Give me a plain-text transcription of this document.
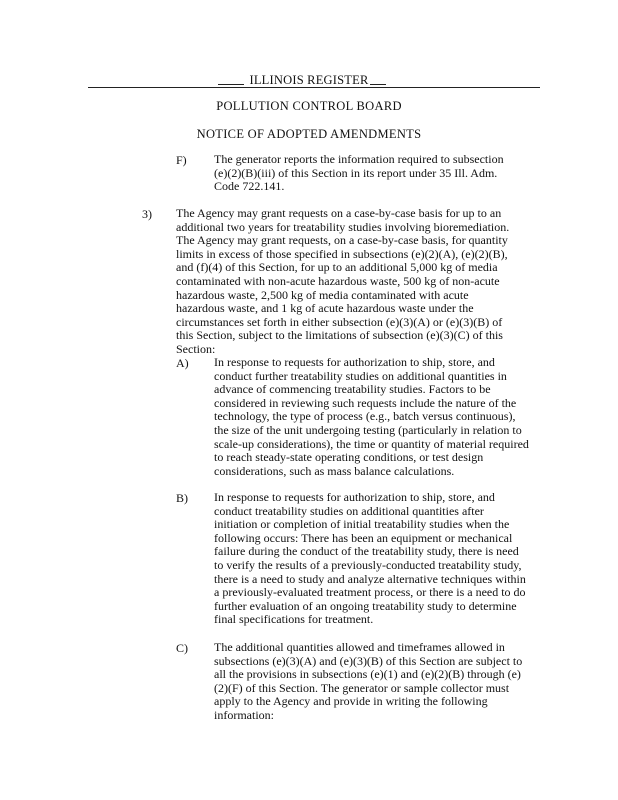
ILLINOIS REGISTER
POLLUTION CONTROL BOARD
NOTICE OF ADOPTED AMENDMENTS
F) The generator reports the information required to subsection (e)(2)(B)(iii) of this Section in its report under 35 Ill. Adm. Code 722.141.

3) The Agency may grant requests on a case-by-case basis for up to an additional two years for treatability studies involving bioremediation. The Agency may grant requests, on a case-by-case basis, for quantity limits in excess of those specified in subsections (e)(2)(A), (e)(2)(B), and (f)(4) of this Section, for up to an additional 5,000 kg of media contaminated with non-acute hazardous waste, 500 kg of non-acute hazardous waste, 2,500 kg of media contaminated with acute hazardous waste, and 1 kg of acute hazardous waste under the circumstances set forth in either subsection (e)(3)(A) or (e)(3)(B) of this Section, subject to the limitations of subsection (e)(3)(C) of this Section:

A) In response to requests for authorization to ship, store, and conduct further treatability studies on additional quantities in advance of commencing treatability studies. Factors to be considered in reviewing such requests include the nature of the technology, the type of process (e.g., batch versus continuous), the size of the unit undergoing testing (particularly in relation to scale-up considerations), the time or quantity of material required to reach steady-state operating conditions, or test design considerations, such as mass balance calculations.

B) In response to requests for authorization to ship, store, and conduct treatability studies on additional quantities after initiation or completion of initial treatability studies when the following occurs: There has been an equipment or mechanical failure during the conduct of the treatability study, there is need to verify the results of a previously-conducted treatability study, there is a need to study and analyze alternative techniques within a previously-evaluated treatment process, or there is a need to do further evaluation of an ongoing treatability study to determine final specifications for treatment.

C) The additional quantities allowed and timeframes allowed in subsections (e)(3)(A) and (e)(3)(B) of this Section are subject to all the provisions in subsections (e)(1) and (e)(2)(B) through (e)(2)(F) of this Section. The generator or sample collector must apply to the Agency and provide in writing the following information:
